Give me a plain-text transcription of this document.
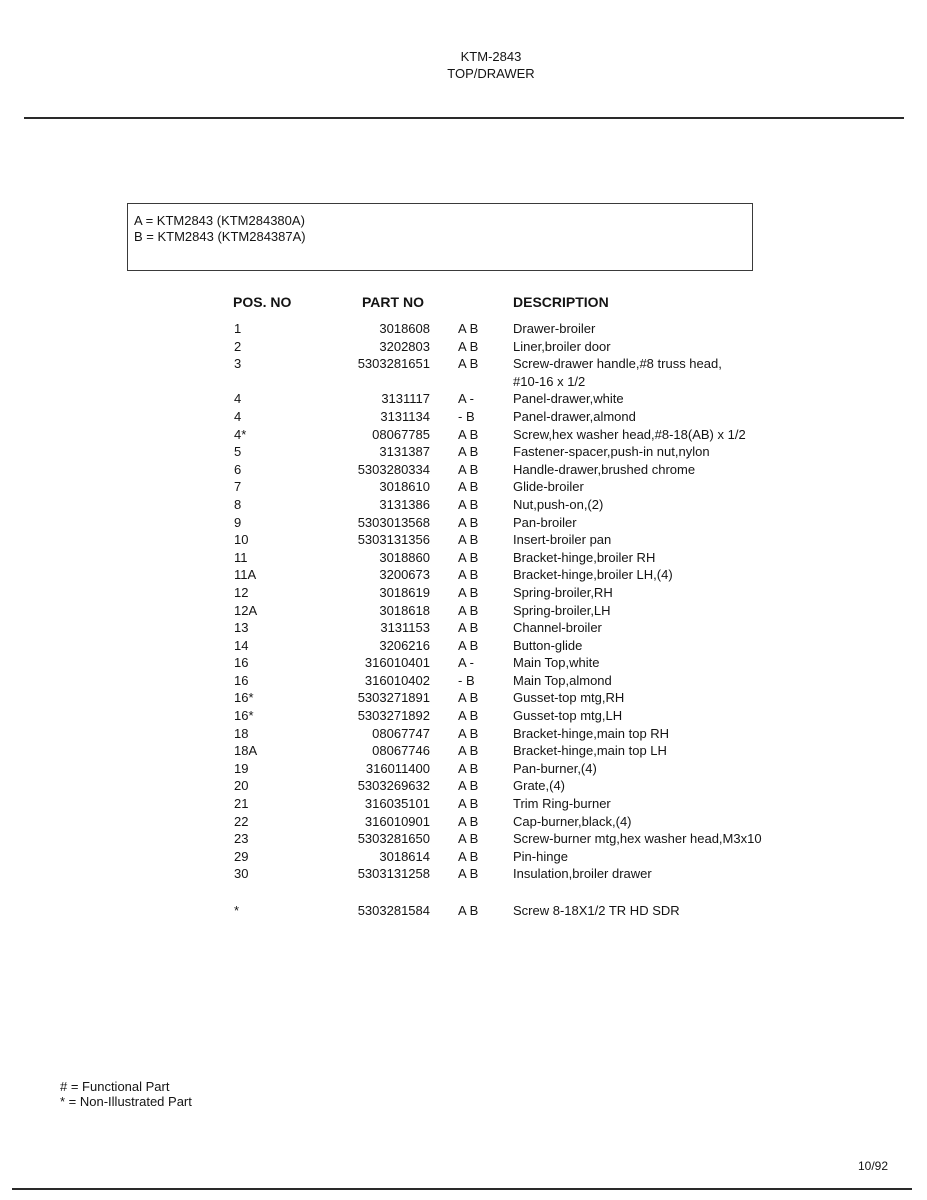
KTM-2843
TOP/DRAWER
A = KTM2843 (KTM284380A)
B = KTM2843 (KTM284387A)
POS. NO	PART NO	DESCRIPTION
1	3018608 A B	Drawer-broiler
2	3202803 A B	Liner,broiler door
3	5303281651 A B	Screw-drawer handle,#8 truss head,
#10-16 x 1/2
4	3131117 A -	Panel-drawer,white
4	3131134 - B	Panel-drawer,almond
4*	08067785 A B	Screw,hex washer head,#8-18(AB) x 1/2
5	3131387 A B	Fastener-spacer,push-in nut,nylon
6	5303280334 A B	Handle-drawer,brushed chrome
7	3018610 A B	Glide-broiler
8	3131386 A B	Nut,push-on,(2)
9	5303013568 A B	Pan-broiler
10	5303131356 A B	Insert-broiler pan
11	3018860 A B	Bracket-hinge,broiler RH
11A	3200673 A B	Bracket-hinge,broiler LH,(4)
12	3018619 A B	Spring-broiler,RH
12A	3018618 A B	Spring-broiler,LH
13	3131153 A B	Channel-broiler
14	3206216 A B	Button-glide
16	316010401 A -	Main Top,white
16	316010402 - B	Main Top,almond
16*	5303271891 A B	Gusset-top mtg,RH
16*	5303271892 A B	Gusset-top mtg,LH
18	08067747 A B	Bracket-hinge,main top RH
18A	08067746 A B	Bracket-hinge,main top LH
19	316011400 A B	Pan-burner,(4)
20	5303269632 A B	Grate,(4)
21	316035101 A B	Trim Ring-burner
22	316010901 A B	Cap-burner,black,(4)
23	5303281650 A B	Screw-burner mtg,hex washer head,M3x10
29	3018614 A B	Pin-hinge
30	5303131258 A B	Insulation,broiler drawer
*	5303281584 A B	Screw 8-18X1/2 TR HD SDR
# = Functional Part
* = Non-Illustrated Part
10/92
